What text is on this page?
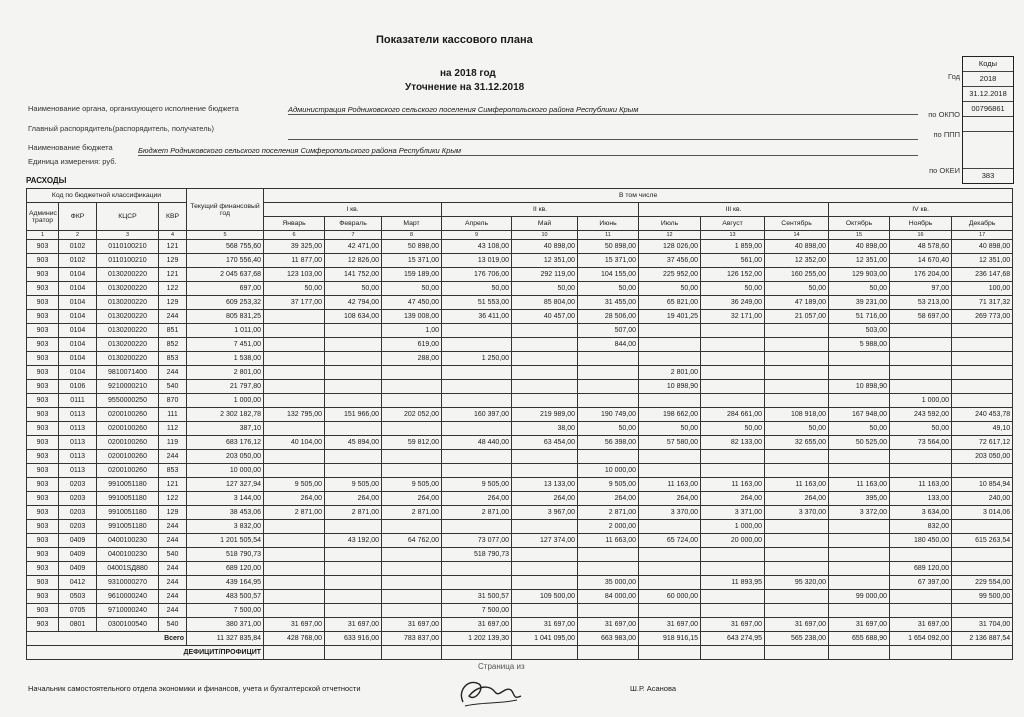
Показатели кассового плана
на 2018 год
Уточнение на 31.12.2018
Коды
2018
31.12.2018
00796861
383
Год
по ОКПО
по ППП
по ОКЕИ
Наименование органа, организующего исполнение бюджета	Администрация Родниковского сельского поселения Симферопольского района Республики Крым
Главный распорядитель(распорядитель, получатель)
Наименование бюджета	Бюджет Родниковского сельского поселения Симферопольского района Республики Крым
Единица измерения: руб.
РАСХОДЫ
Код по бюджетной классификации				Текущий финансовый год	В том числе											
Админис тратор	ФКР	КЦСР	КВР		I кв.			II кв.			III кв.			IV кв.		
					Январь	Февраль	Март	Апрель	Май	Июнь	Июль	Август	Сентябрь	Октябрь	Ноябрь	Декабрь
1	2	3	4	5	6	7	8	9	10	11	12	13	14	15	16	17
903	0102	0110100210	121	568 755,60	39 325,00	42 471,00	50 898,00	43 108,00	40 898,00	50 898,00	128 026,00	1 859,00	40 898,00	40 898,00	48 578,60	40 898,00
903	0102	0110100210	129	170 556,40	11 877,00	12 826,00	15 371,00	13 019,00	12 351,00	15 371,00	37 456,00	561,00	12 352,00	12 351,00	14 670,40	12 351,00
903	0104	0130200220	121	2 045 637,68	123 103,00	141 752,00	159 189,00	176 706,00	292 119,00	104 155,00	225 952,00	126 152,00	160 255,00	129 903,00	176 204,00	236 147,68
903	0104	0130200220	122	697,00	50,00	50,00	50,00	50,00	50,00	50,00	50,00	50,00	50,00	50,00	97,00	100,00
903	0104	0130200220	129	609 253,32	37 177,00	42 794,00	47 450,00	51 553,00	85 804,00	31 455,00	65 821,00	36 249,00	47 189,00	39 231,00	53 213,00	71 317,32
903	0104	0130200220	244	805 831,25		108 634,00	139 008,00	36 411,00	40 457,00	28 506,00	19 401,25	32 171,00	21 057,00	51 716,00	58 697,00	269 773,00
903	0104	0130200220	851	1 011,00			1,00			507,00				503,00		
903	0104	0130200220	852	7 451,00			619,00			844,00				5 988,00		
903	0104	0130200220	853	1 538,00			288,00	1 250,00								
903	0104	9810071400	244	2 801,00							2 801,00					
903	0106	9210000210	540	21 797,80							10 898,90			10 898,90		
903	0111	9550000250	870	1 000,00											1 000,00	
903	0113	0200100260	111	2 302 182,78	132 795,00	151 966,00	202 052,00	160 397,00	219 989,00	190 749,00	198 662,00	284 661,00	108 918,00	167 948,00	243 592,00	240 453,78
903	0113	0200100260	112	387,10					38,00	50,00	50,00	50,00	50,00	50,00	50,00	49,10
903	0113	0200100260	119	683 176,12	40 104,00	45 894,00	59 812,00	48 440,00	63 454,00	56 398,00	57 580,00	82 133,00	32 655,00	50 525,00	73 564,00	72 617,12
903	0113	0200100260	244	203 050,00												203 050,00
903	0113	0200100260	853	10 000,00						10 000,00						
903	0203	9910051180	121	127 327,94	9 505,00	9 505,00	9 505,00	9 505,00	13 133,00	9 505,00	11 163,00	11 163,00	11 163,00	11 163,00	11 163,00	10 854,94
903	0203	9910051180	122	3 144,00	264,00	264,00	264,00	264,00	264,00	264,00	264,00	264,00	264,00	395,00	133,00	240,00
903	0203	9910051180	129	38 453,06	2 871,00	2 871,00	2 871,00	2 871,00	3 967,00	2 871,00	3 370,00	3 371,00	3 370,00	3 372,00	3 634,00	3 014,06
903	0203	9910051180	244	3 832,00						2 000,00		1 000,00			832,00	
903	0409	0400100230	244	1 201 505,54		43 192,00	64 762,00	73 077,00	127 374,00	11 663,00	65 724,00	20 000,00			180 450,00	615 263,54
903	0409	0400100230	540	518 790,73				518 790,73								
903	0409	04001SД880	244	689 120,00											689 120,00	
903	0412	9310000270	244	439 164,95						35 000,00		11 893,95	95 320,00		67 397,00	229 554,00
903	0503	9610000240	244	483 500,57				31 500,57	109 500,00	84 000,00	60 000,00			99 000,00		99 500,00
903	0705	9710000240	244	7 500,00				7 500,00								
903	0801	0300100540	540	380 371,00	31 697,00	31 697,00	31 697,00	31 697,00	31 697,00	31 697,00	31 697,00	31 697,00	31 697,00	31 697,00	31 697,00	31 704,00
Всего				11 327 835,84	428 768,00	633 916,00	783 837,00	1 202 139,30	1 041 095,00	663 983,00	918 916,15	643 274,95	565 238,00	655 688,90	1 654 092,00	2 136 887,54
ДЕФИЦИТ/ПРОФИЦИТ																
Страница из
Начальник самостоятельного отдела экономики и финансов, учета и бухгалтерской отчетности	Ш.Р. Асанова
